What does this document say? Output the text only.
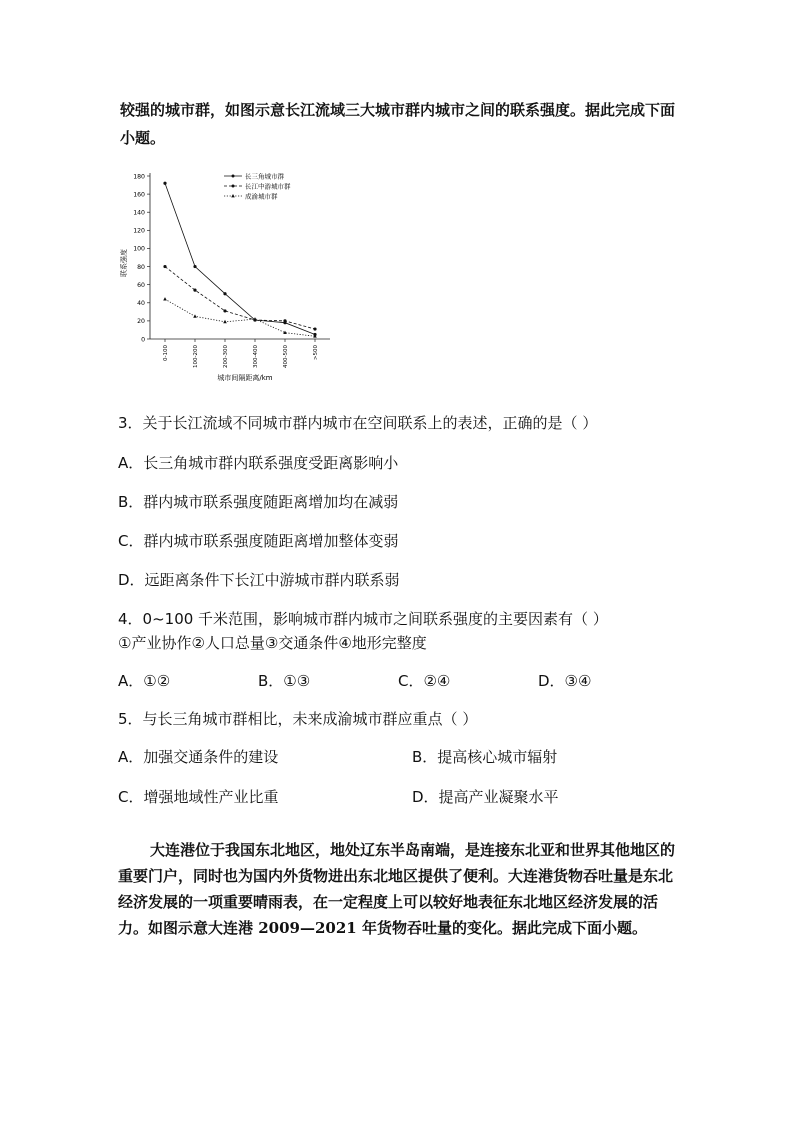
较强的城市群，如图示意长江流域三大城市群内城市之间的联系强度。据此完成下面小题。

0
20
40
60
80
100
120
140
160
180
0-100	100-200	200-300	300-400	400-500	>500
长三角城市群
长江中游城市群
成渝城市群
联系强度
城市间隔距离/km
3．关于长江流域不同城市群内城市在空间联系上的表述，正确的是（ ）
A．长三角城市群内联系强度受距离影响小
B．群内城市联系强度随距离增加均在减弱
C．群内城市联系强度随距离增加整体变弱
D．远距离条件下长江中游城市群内联系弱
4．0~100 千米范围，影响城市群内城市之间联系强度的主要因素有（ ）
①产业协作②人口总量③交通条件④地形完整度
A．①②	B．①③	C．②④	D．③④
5．与长三角城市群相比，未来成渝城市群应重点（ ）
A．加强交通条件的建设	B．提高核心城市辐射
C．增强地域性产业比重	D．提高产业凝聚水平

大连港位于我国东北地区，地处辽东半岛南端，是连接东北亚和世界其他地区的重要门户，同时也为国内外货物进出东北地区提供了便利。大连港货物吞吐量是东北经济发展的一项重要晴雨表，在一定程度上可以较好地表征东北地区经济发展的活力。如图示意大连港 2009—2021 年货物吞吐量的变化。据此完成下面小题。
